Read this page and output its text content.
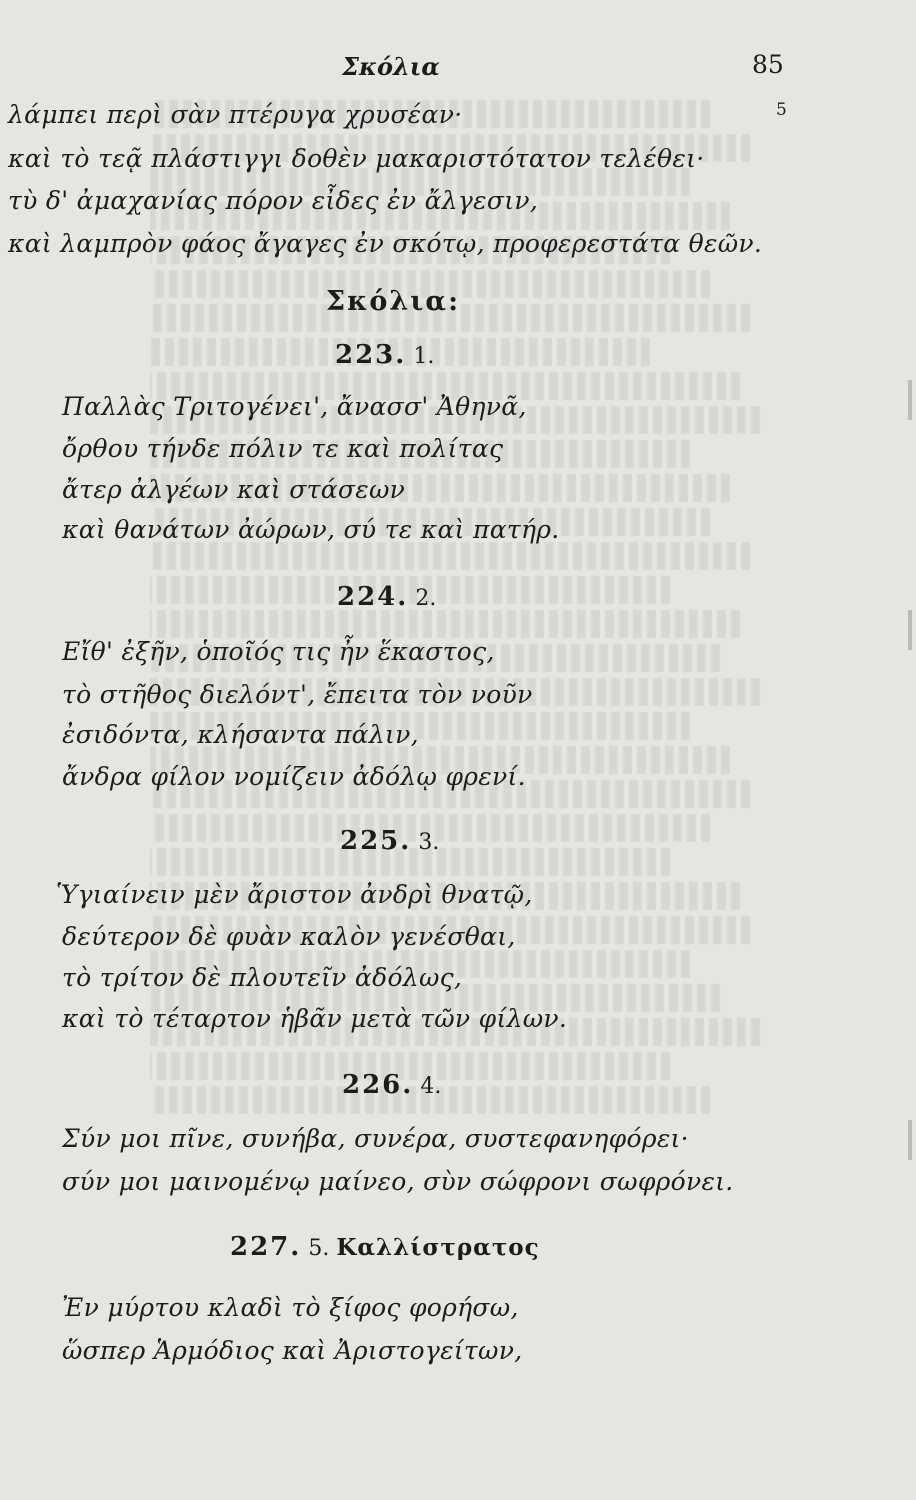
Σκόλια	85
5
λάμπει περὶ σὰν πτέρυγα χρυσέαν·
καὶ τὸ τεᾷ πλάστιγγι δοθὲν μακαριστότατον τελέθει·
τὺ δ' ἀμαχανίας πόρον εἶδες ἐν ἄλγεσιν,
καὶ λαμπρὸν φάος ἄγαγες ἐν σκότῳ, προφερεστάτα θεῶν.
Σκόλια:
223. 1.
Παλλὰς Τριτογένει', ἄνασσ' Ἀθηνᾶ,
ὄρθου τήνδε πόλιν τε καὶ πολίτας
ἄτερ ἀλγέων καὶ στάσεων
καὶ θανάτων ἀώρων, σύ τε καὶ πατήρ.
224. 2.
Εἴθ' ἐξῆν, ὁποῖός τις ἦν ἕκαστος,
τὸ στῆθος διελόντ', ἔπειτα τὸν νοῦν
ἐσιδόντα, κλήσαντα πάλιν,
ἄνδρα φίλον νομίζειν ἀδόλῳ φρενί.
225. 3.
Ὑγιαίνειν μὲν ἄριστον ἀνδρὶ θνατῷ,
δεύτερον δὲ φυὰν καλὸν γενέσθαι,
τὸ τρίτον δὲ πλουτεῖν ἀδόλως,
καὶ τὸ τέταρτον ἡβᾶν μετὰ τῶν φίλων.
226. 4.
Σύν μοι πῖνε, συνήβα, συνέρα, συστεφανηφόρει·
σύν μοι μαινομένῳ μαίνεο, σὺν σώφρονι σωφρόνει.
227. 5. Καλλίστρατος
Ἐν μύρτου κλαδὶ τὸ ξίφος φορήσω,
ὥσπερ Ἁρμόδιος καὶ Ἀριστογείτων,
